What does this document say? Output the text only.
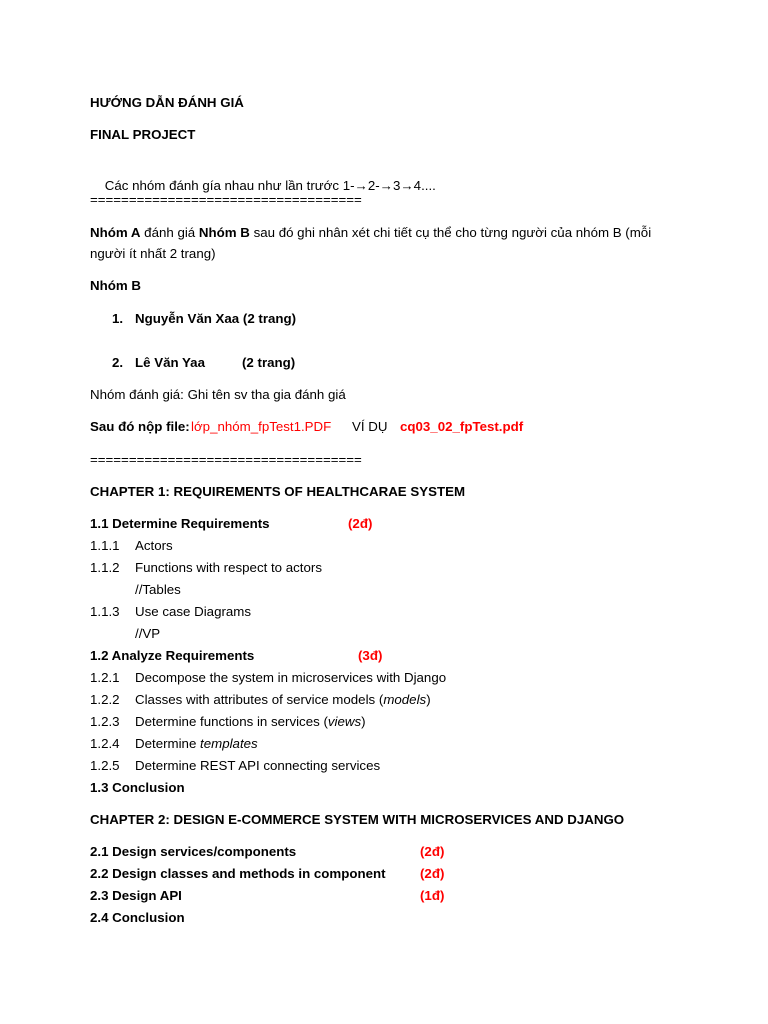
HƯỚNG DẪN ĐÁNH GIÁ
FINAL PROJECT

Các nhóm đánh gía nhau như lần trước 1-→2-→3→4....

===================================
Nhóm A đánh giá Nhóm B sau đó ghi nhân xét chi tiết cụ thể cho từng người của nhóm B (mỗi
người ít nhất 2 trang)
Nhóm B
1. Nguyễn Văn Xaa (2 trang)
2. Lê Văn Yaa	(2 trang)
Nhóm đánh giá: Ghi tên sv tha gia đánh giá
Sau đó nộp file:
lớp_nhóm_fpTest1.PDF VÍ DỤ cq03_02_fpTest.pdf
===================================
CHAPTER 1: REQUIREMENTS OF HEALTHCARAE SYSTEM
1.1 Determine Requirements	(2đ)
1.1.1 Actors
1.1.2 Functions with respect to actors
//Tables
1.1.3 Use case Diagrams
//VP
1.2 Analyze Requirements	(3đ)
1.2.1 Decompose the system in microservices with Django
1.2.2 Classes with attributes of service models (models)
1.2.3 Determine functions in services (views)
1.2.4 Determine templates
1.2.5 Determine REST API connecting services
1.3 Conclusion
CHAPTER 2: DESIGN E-COMMERCE SYSTEM WITH MICROSERVICES AND DJANGO
2.1 Design services/components	(2đ)
2.2 Design classes and methods in component	(2đ)
2.3 Design API	(1đ)
2.4 Conclusion
